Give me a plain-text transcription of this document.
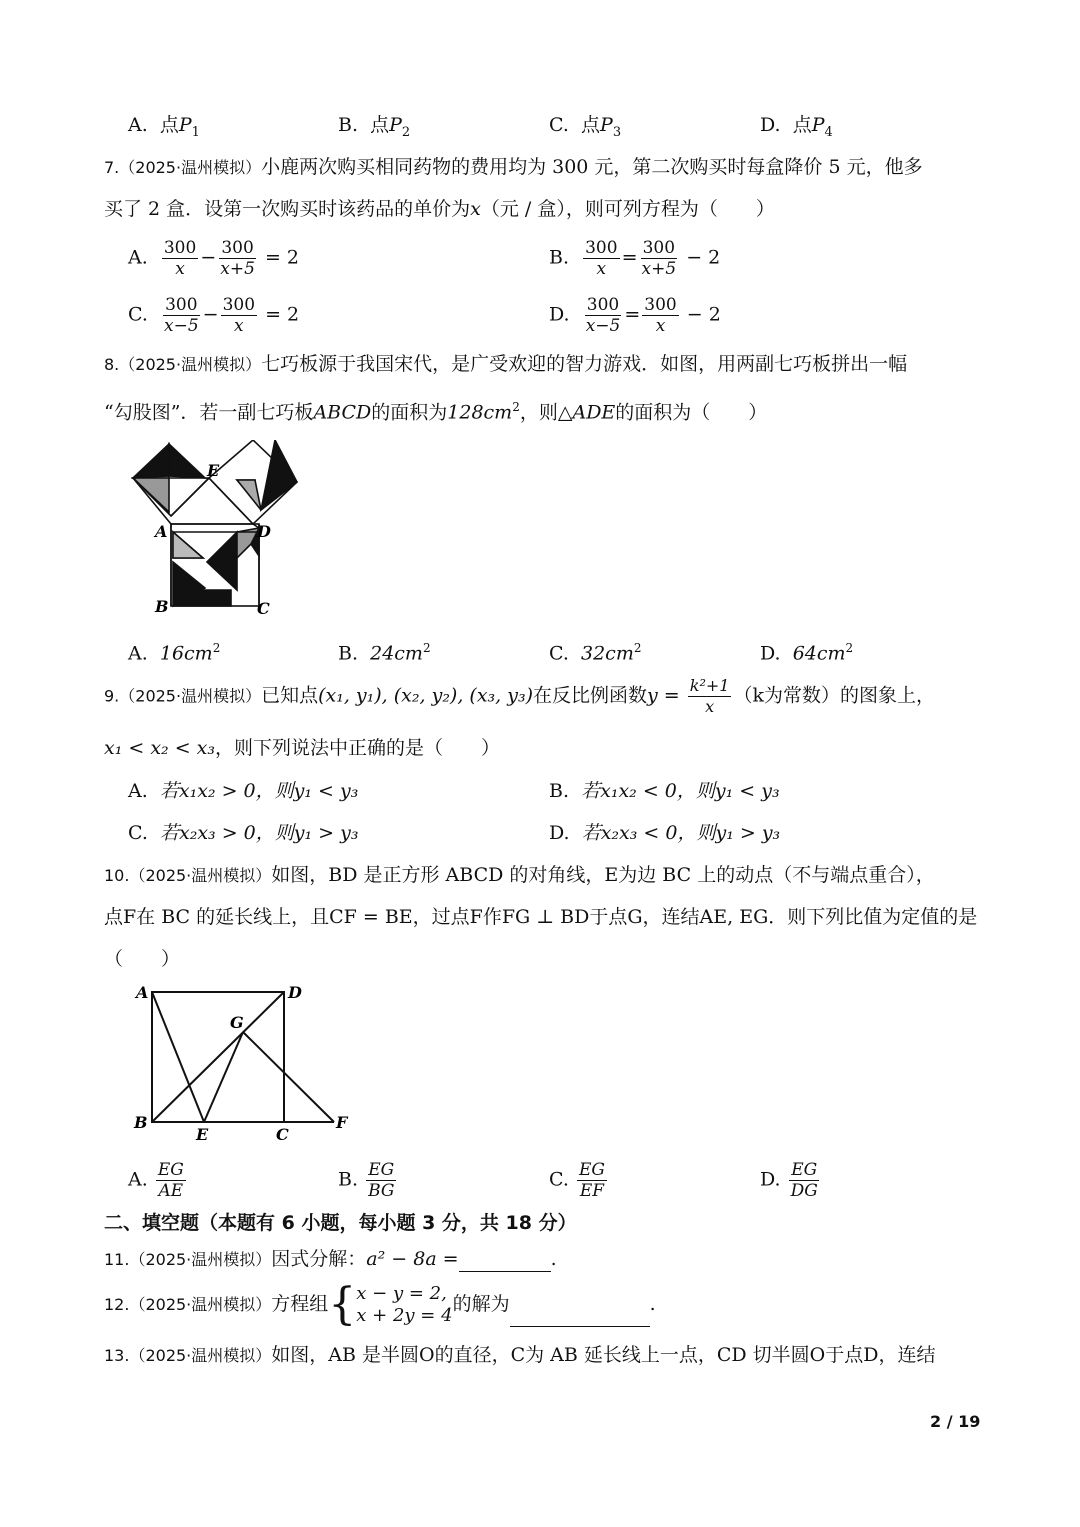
A. 点$P_1$	B. 点$P_2$	C. 点$P_3$	D. 点$P_4$
7.（2025·温州模拟）小鹿两次购买相同药物的费用均为 300 元，第二次购买时每盒降价 5 元，他多
买了 2 盒．设第一次购买时该药品的单价为x（元 / 盒），则可列方程为（　　）
A. $\frac{300}{x} - \frac{300}{x+5} = 2$	B. $\frac{300}{x} = \frac{300}{x+5} - 2$
C. $\frac{300}{x-5} - \frac{300}{x} = 2$	D. $\frac{300}{x-5} = \frac{300}{x} - 2$
8.（2025·温州模拟）七巧板源于我国宋代，是广受欢迎的智力游戏．如图，用两副七巧板拼出一幅
“勾股图”．若一副七巧板ABCD的面积为$128cm^2$，则△ADE的面积为（　　）
E
A	D
B	C
A. $16cm^2$	B. $24cm^2$	C. $32cm^2$	D. $64cm^2$
9.（2025·温州模拟）已知点(x₁, y₁), (x₂, y₂), (x₃, y₃)在反比例函数$y = \frac{\text{k²+1}}{x} (k$为常数）的图象上，
x₁ < x₂ < x₃，则下列说法中正确的是（　　）
A. 若x₁x₂ > 0，则y₁ < y₃	B. 若x₁x₂ < 0，则y₁ < y₃
C. 若x₂x₃ > 0，则y₁ > y₃	D. 若x₂x₃ < 0，则y₁ > y₃
10.（2025·温州模拟）如图，BD 是正方形 ABCD 的对角线，E为边 BC 上的动点（不与端点重合），
点F在 BC 的延长线上，且CF = BE，过点F作FG ⊥ BD于点G，连结AE, EG．则下列比值为定值的是
（　　）
A	D
G
B
E	C
F
A. $\frac{EG}{AE}$	B. $\frac{EG}{BG}$	C. $\frac{EG}{EF}$	D. $\frac{EG}{DG}$
二、填空题（本题有 6 小题，每小题 3 分，共 18 分）
11.（2025·温州模拟）因式分解：a² − 8a =	.
12.（2025·温州模拟）方程组{ x − y = 2,
x + 2y = 4
的解为	.
13.（2025·温州模拟）如图，AB 是半圆O的直径，C为 AB 延长线上一点，CD 切半圆O于点D，连结
2 / 19
